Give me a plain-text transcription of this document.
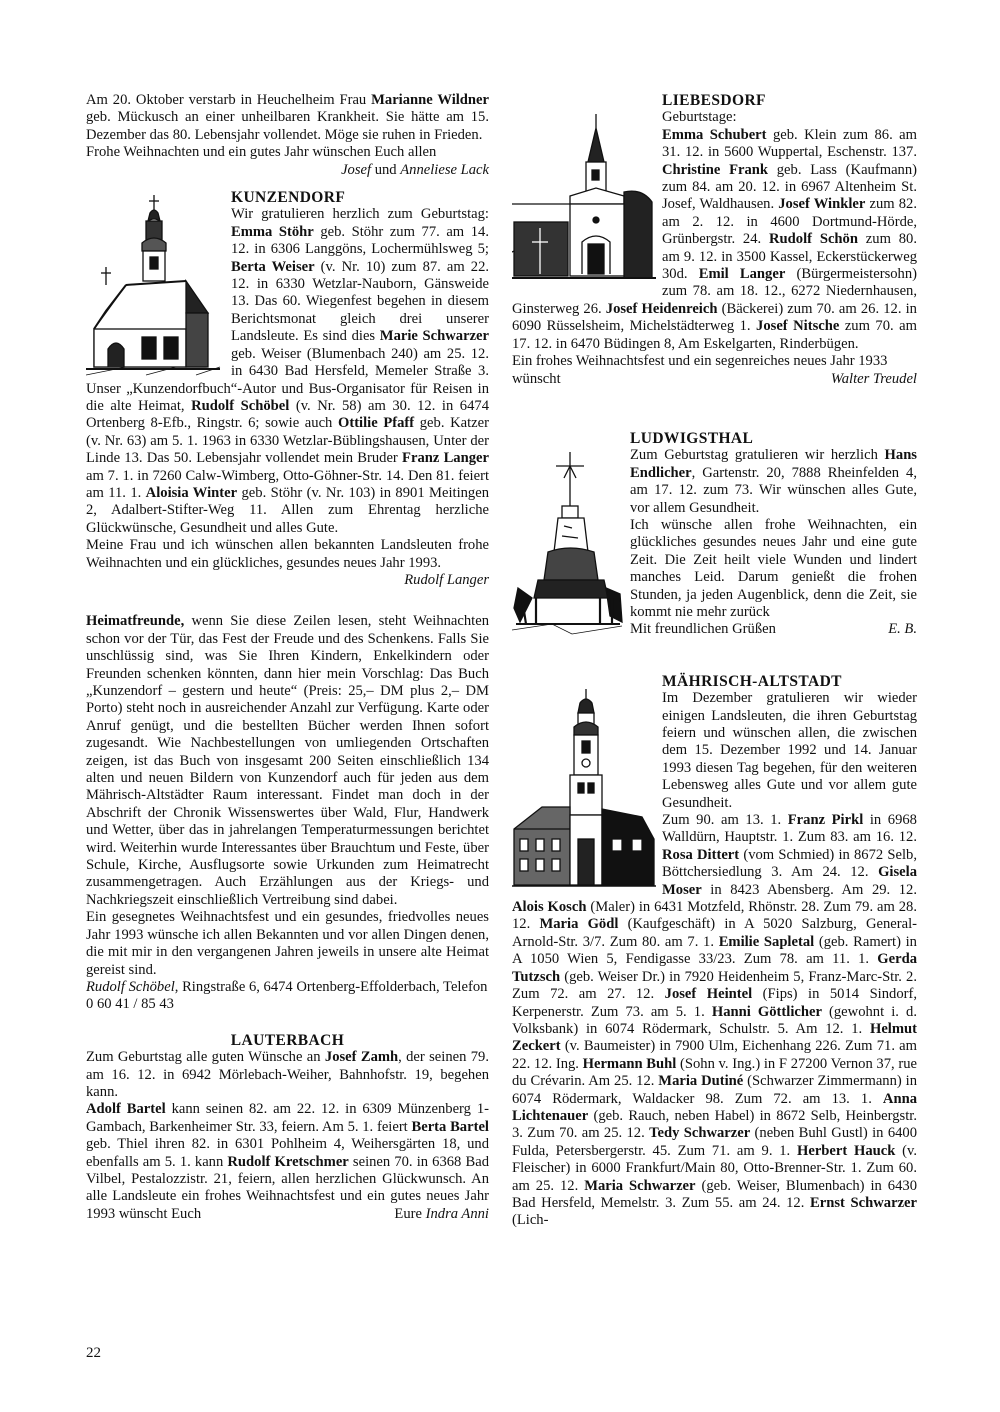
Am 20. Oktober verstarb in Heuchelheim Frau Marianne Wildner geb. Mückusch an einer unheilbaren Krankheit. Sie hätte am 15. Dezember das 80. Lebensjahr vollendet. Möge sie ruhen in Frieden.

Frohe Weihnachten und ein gutes Jahr wünschen Euch allen

Josef und Anneliese Lack

KUNZENDORF

Wir gratulieren herzlich zum Geburtstag: Emma Stöhr geb. Stöhr zum 77. am 14. 12. in 6306 Langgöns, Lochermühlsweg 5; Berta Weiser (v. Nr. 10) zum 87. am 22. 12. in 6330 Wetzlar-Nauborn, Gänsweide 13. Das 60. Wiegenfest begehen in diesem Berichtsmonat gleich drei unserer Landsleute. Es sind dies Marie Schwarzer geb. Weiser (Blumenbach 240) am 25. 12. in 6430 Bad Hersfeld, Memeler Straße 3. Unser „Kunzendorfbuch“-Autor und Bus-Organisator für Reisen in die alte Heimat, Rudolf Schöbel (v. Nr. 58) am 30. 12. in 6474 Ortenberg 8-Efb., Ringstr. 6; sowie auch Ottilie Pfaff geb. Katzer (v. Nr. 63) am 5. 1. 1963 in 6330 Wetzlar-Büblingshausen, Unter der Linde 13. Das 50. Lebensjahr vollendet mein Bruder Franz Langer am 7. 1. in 7260 Calw-Wimberg, Otto-Göhner-Str. 14. Den 81. feiert am 11. 1. Aloisia Winter geb. Stöhr (v. Nr. 103) in 8901 Meitingen 2, Adalbert-Stifter-Weg 11. Allen zum Ehrentag herzliche Glückwünsche, Gesundheit und alles Gute.

Meine Frau und ich wünschen allen bekannten Landsleuten frohe Weihnachten und ein glückliches, gesundes neues Jahr 1993.

Rudolf Langer

Heimatfreunde, wenn Sie diese Zeilen lesen, steht Weihnachten schon vor der Tür, das Fest der Freude und des Schenkens. Falls Sie unschlüssig sind, was Sie Ihren Kindern, Enkelkindern oder Freunden schenken könnten, dann hier mein Vorschlag: Das Buch „Kunzendorf – gestern und heute“ (Preis: 25,– DM plus 2,– DM Porto) steht noch in ausreichender Anzahl zur Verfügung. Karte oder Anruf genügt, und die bestellten Bücher werden Ihnen sofort zugesandt. Wie Nachbestellungen von umliegenden Ortschaften zeigen, ist das Buch von insgesamt 200 Seiten einschließlich 134 alten und neuen Bildern von Kunzendorf auch für jeden aus dem Mährisch-Altstädter Raum interessant. Findet man doch in der Abschrift der Chronik Wissenswertes über Wald, Flur, Handwerk und Wetter, über das in jahrelangen Temperaturmessungen berichtet wird. Weiterhin wurde Interessantes über Brauchtum und Feste, über Schule, Kirche, Ausflugsorte sowie Urkunden zum Heimatrecht zusammengetragen. Auch Erzählungen aus der Kriegs- und Nachkriegszeit einschließlich Vertreibung sind dabei.

Ein gesegnetes Weihnachtsfest und ein gesundes, friedvolles neues Jahr 1993 wünsche ich allen Bekannten und vor allen Dingen denen, die mit mir in den vergangenen Jahren jeweils in unsere alte Heimat gereist sind.

Rudolf Schöbel, Ringstraße 6, 6474 Ortenberg-Effolderbach, Telefon 0 60 41 / 85 43

LAUTERBACH

Zum Geburtstag alle guten Wünsche an Josef Zamh, der seinen 79. am 16. 12. in 6942 Mörlebach-Weiher, Bahnhofstr. 19, begehen kann.

Adolf Bartel kann seinen 82. am 22. 12. in 6309 Münzenberg 1-Gambach, Barkenheimer Str. 33, feiern. Am 5. 1. feiert Berta Bartel geb. Thiel ihren 82. in 6301 Pohlheim 4, Weihersgärten 18, und ebenfalls am 5. 1. kann Rudolf Kretschmer seinen 70. in 6368 Bad Vilbel, Pestalozzistr. 21, feiern, allen herzlichen Glückwunsch. An alle Landsleute ein frohes Weihnachtsfest und ein gutes neues Jahr 1993 wünscht Euch	Eure Indra Anni
LIEBESDORF

Geburtstage:
Emma Schubert geb. Klein zum 86. am 31. 12. in 5600 Wuppertal, Eschenstr. 137. Christine Frank geb. Lass (Kaufmann) zum 84. am 20. 12. in 6967 Altenheim St. Josef, Waldhausen. Josef Winkler zum 82. am 2. 12. in 4600 Dortmund-Hörde, Grünbergstr. 24. Rudolf Schön zum 80. am 9. 12. in 3500 Kassel, Eckerstückerweg 30d. Emil Langer (Bürgermeistersohn) zum 78. am 18. 12., 6272 Niedernhausen, Ginsterweg 26. Josef Heidenreich (Bäckerei) zum 70. am 26. 12. in 6090 Rüsselsheim, Michelstädterweg 1. Josef Nitsche zum 70. am 17. 12. in 6470 Büdingen 8, Am Eskelgarten, Rinderbügen.

Ein frohes Weihnachtsfest und ein segenreiches neues Jahr 1933

wünscht	Walter Treudel
LUDWIGSTHAL

Zum Geburtstag gratulieren wir herzlich Hans Endlicher, Gartenstr. 20, 7888 Rheinfelden 4, am 17. 12. zum 73. Wir wünschen alles Gute, vor allem Gesundheit.
Ich wünsche allen frohe Weihnachten, ein glückliches gesundes neues Jahr und eine gute Zeit. Die Zeit heilt viele Wunden und lindert manches Leid. Darum genießt die frohen Stunden, ja jeden Augenblick, denn die Zeit, sie kommt nie mehr zurück

Mit freundlichen Grüßen	E. B.
MÄHRISCH-ALTSTADT

Im Dezember gratulieren wir wieder einigen Landsleuten, die ihren Geburtstag feiern und wünschen allen, die zwischen dem 15. Dezember 1992 und 14. Januar 1993 diesen Tag begehen, für den weiteren Lebensweg alles Gute und vor allem gute Gesundheit.
Zum 90. am 13. 1. Franz Pirkl in 6968 Walldürn, Hauptstr. 1. Zum 83. am 16. 12. Rosa Dittert (vom Schmied) in 8672 Selb, Böttchersiedlung 3. Am 24. 12. Gisela Moser in 8423 Abensberg. Am 29. 12. Alois Kosch (Maler) in 6431 Motzfeld, Rhönstr. 28. Zum 79. am 28. 12. Maria Gödl (Kaufgeschäft) in A 5020 Salzburg, General-Arnold-Str. 3/7. Zum 80. am 7. 1. Emilie Sapletal (geb. Ramert) in A 1050 Wien 5, Fendigasse 33/23. Zum 78. am 11. 1. Gerda Tutzsch (geb. Weiser Dr.) in 7920 Heidenheim 5, Franz-Marc-Str. 2. Zum 72. am 27. 12. Josef Heintel (Fips) in 5014 Sindorf, Kerpenerstr. Zum 73. am 5. 1. Hanni Göttlicher (gewohnt i. d. Volksbank) in 6074 Rödermark, Schulstr. 5. Am 12. 1. Helmut Zeckert (v. Baumeister) in 7900 Ulm, Eichenhang 226. Zum 71. am 22. 12. Ing. Hermann Buhl (Sohn v. Ing.) in F 27200 Vernon 37, rue du Crévarin. Am 25. 12. Maria Dutiné (Schwarzer Zimmermann) in 6074 Rödermark, Waldacker 98. Zum 72. am 13. 1. Anna Lichtenauer (geb. Rauch, neben Habel) in 8672 Selb, Heinbergstr. 3. Zum 70. am 25. 12. Tedy Schwarzer (neben Buhl Gustl) in 6400 Fulda, Petersbergerstr. 45. Zum 71. am 9. 1. Herbert Hauck (v. Fleischer) in 6000 Frankfurt/Main 80, Otto-Brenner-Str. 1. Zum 60. am 25. 12. Maria Schwarzer (geb. Weiser, Blumenbach) in 6430 Bad Hersfeld, Memelstr. 3. Zum 55. am 24. 12. Ernst Schwarzer (Lich-

22
